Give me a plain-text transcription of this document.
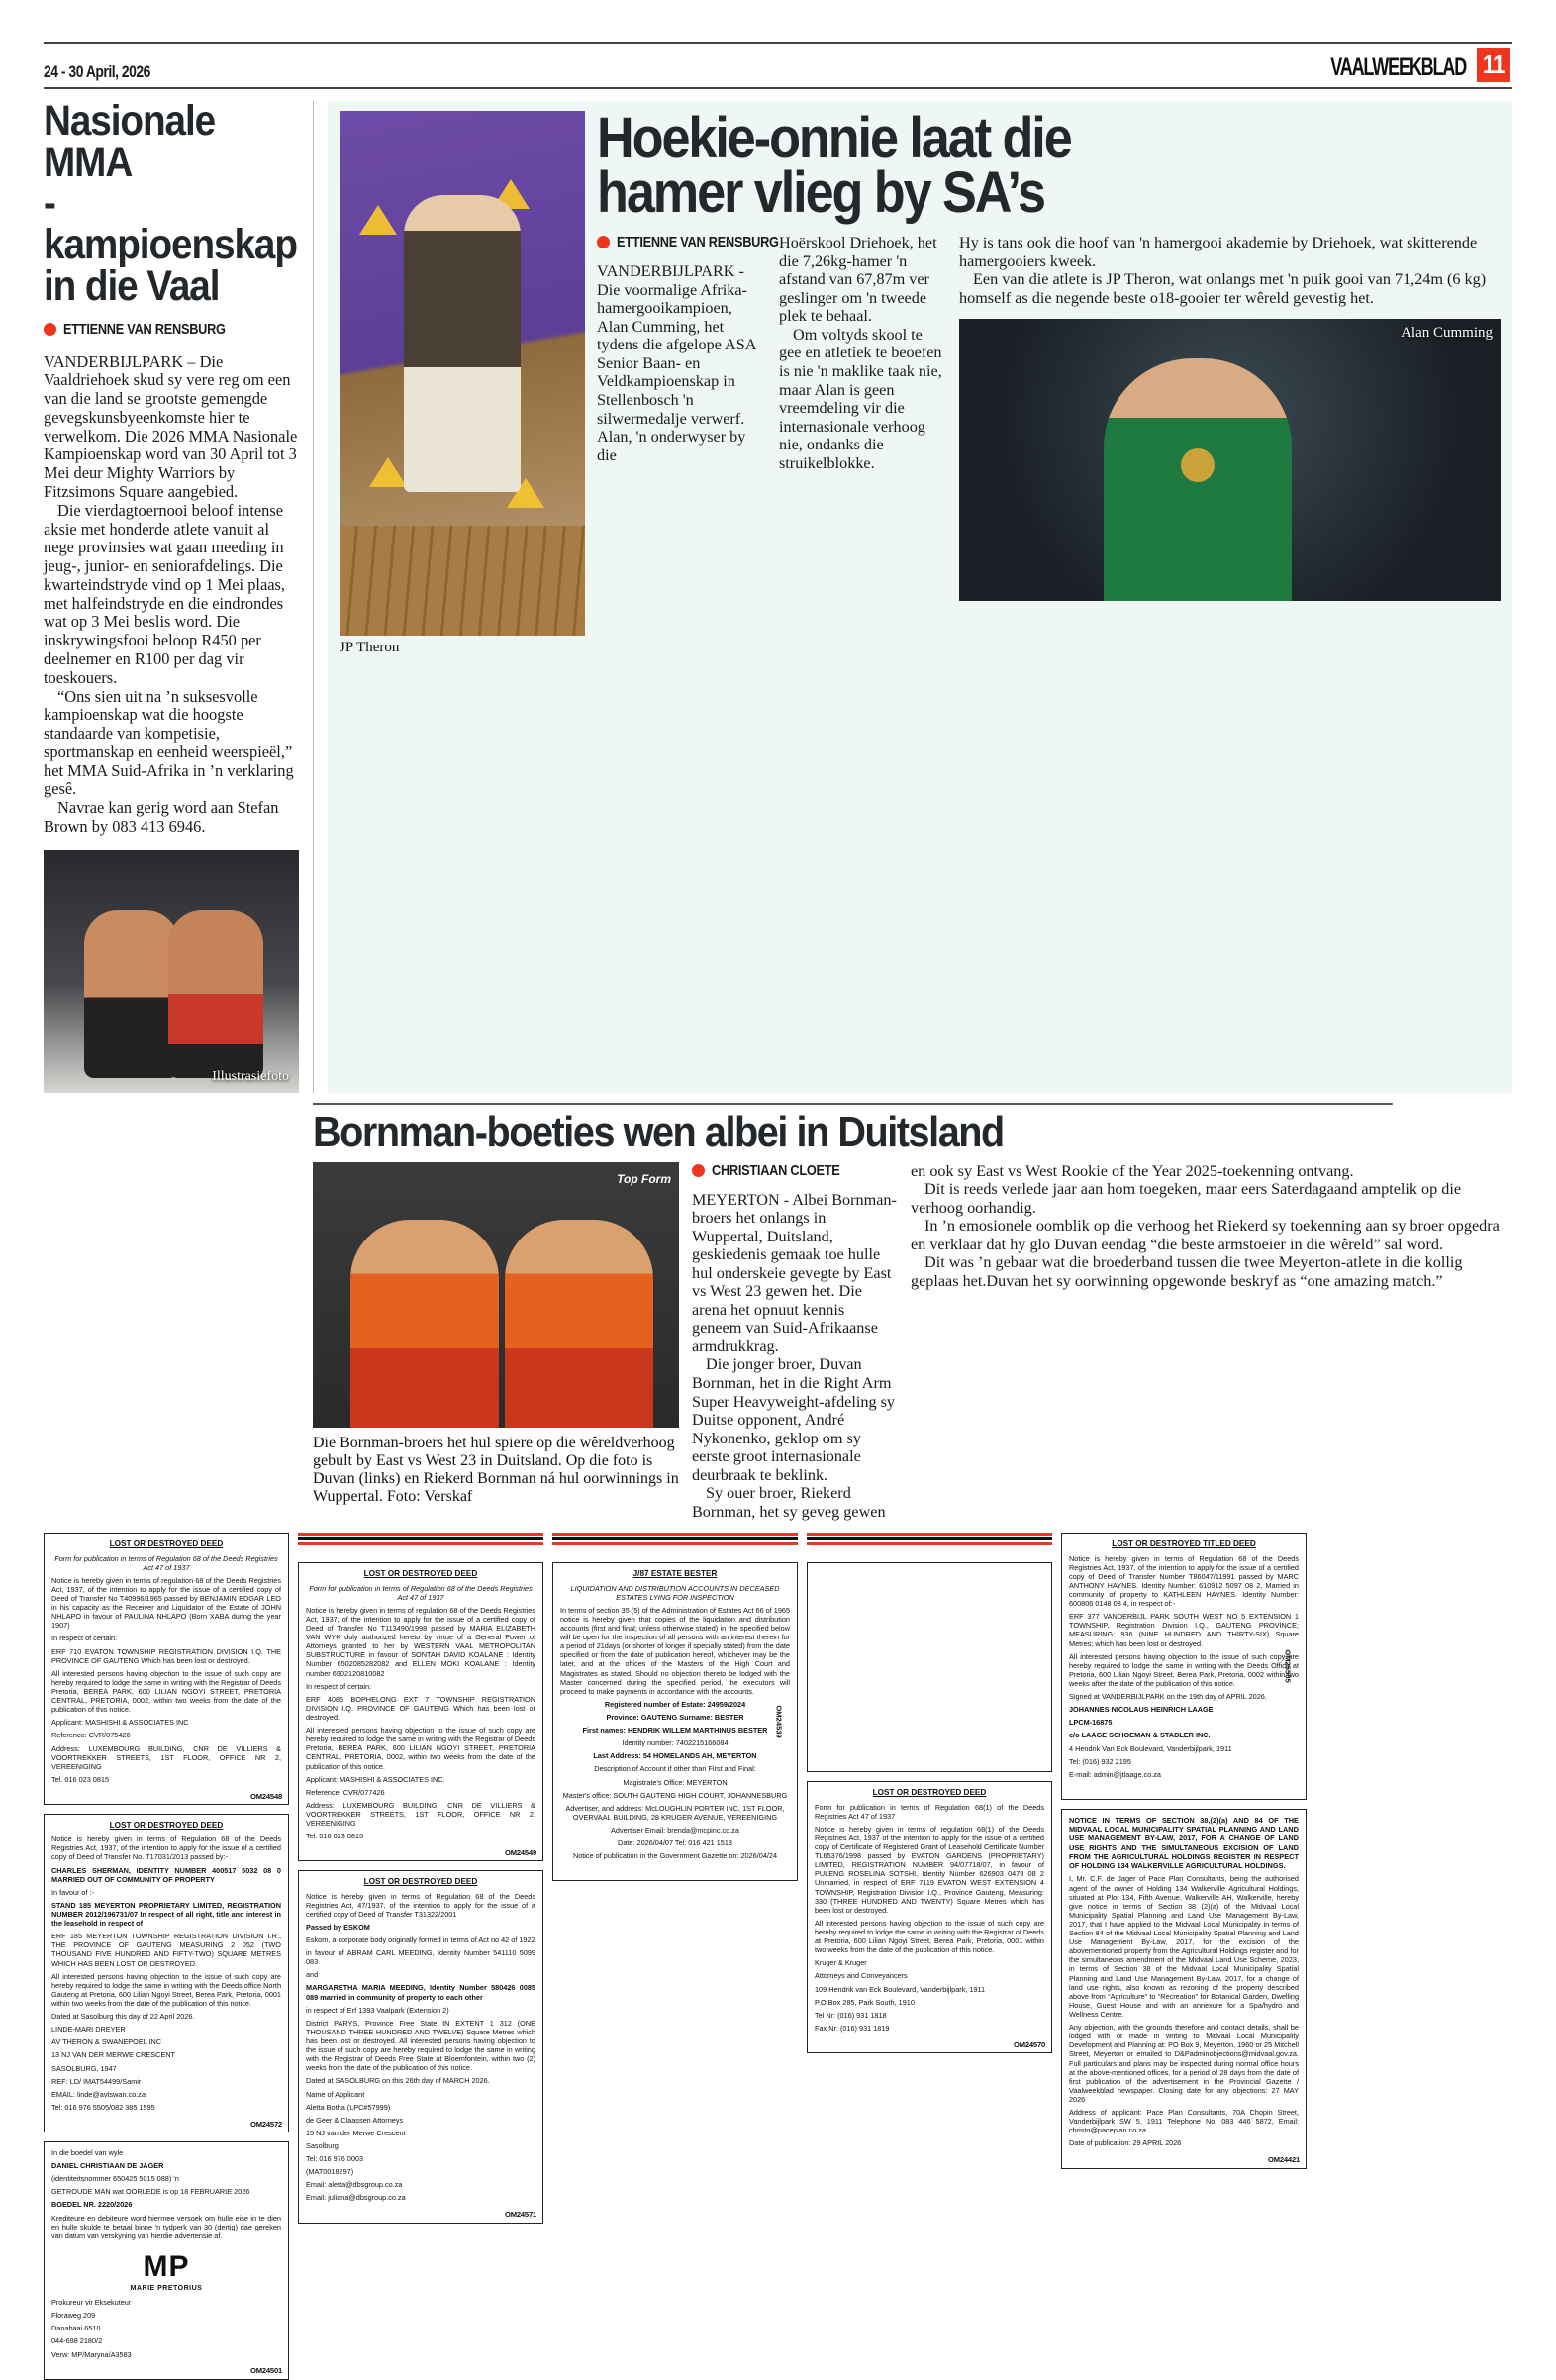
24 - 30 April, 2026	VAALWEEKBLAD 11
Nasionale MMA
-kampioenskap
in die Vaal
ETTIENNE VAN RENSBURG

VANDERBIJLPARK – Die Vaaldriehoek skud sy vere reg om een van die land se grootste gemengde gevegskunsbyeenkomste hier te verwelkom. Die 2026 MMA Nasionale Kampioenskap word van 30 April tot 3 Mei deur Mighty Warriors by Fitzsimons Square aangebied.

Die vierdagtoernooi beloof intense aksie met honderde atlete vanuit al nege provinsies wat gaan meeding in jeug-, junior- en seniorafdelings. Die kwarteindstryde vind op 1 Mei plaas, met halfeindstryde en die eindrondes wat op 3 Mei beslis word. Die inskrywingsfooi beloop R450 per deelnemer en R100 per dag vir toeskouers.

“Ons sien uit na ’n suksesvolle kampioenskap wat die hoogste standaarde van kompetisie, sportmanskap en eenheid weerspieël,” het MMA Suid-Afrika in ’n verklaring gesê.

Navrae kan gerig word aan Stefan Brown by 083 413 6946.

Illustrasiefoto
JP Theron
Hoekie-onnie laat die
hamer vlieg by SA’s
ETTIENNE VAN RENSBURG

VANDERBIJLPARK - Die voormalige Afrika-hamergooikampioen, Alan Cumming, het tydens die afgelope ASA Senior Baan- en Veldkampioenskap in Stellenbosch 'n silwermedalje verwerf. Alan, 'n onderwyser by die

Hoërskool Driehoek, het die 7,26kg-hamer 'n afstand van 67,87m ver geslinger om 'n tweede plek te behaal.

Om voltyds skool te gee en atletiek te beoefen is nie 'n maklike taak nie, maar Alan is geen vreemdeling vir die internasionale verhoog nie, ondanks die struikelblokke.

Hy is tans ook die hoof van 'n hamergooi akademie by Driehoek, wat skitterende hamergooiers kweek.

Een van die atlete is JP Theron, wat onlangs met 'n puik gooi van 71,24m (6 kg) homself as die negende beste o18-gooier ter wêreld gevestig het.

Alan Cumming
Bornman-boeties wen albei in Duitsland
Top Form
Die Bornman-broers het hul spiere op die wêreldverhoog gebult by East vs West 23 in Duitsland. Op die foto is Duvan (links) en Riekerd Bornman ná hul oorwinnings in Wuppertal. Foto: Verskaf
CHRISTIAAN CLOETE

MEYERTON - Albei Bornman-broers het onlangs in Wuppertal, Duitsland, geskiedenis gemaak toe hulle hul onderskeie gevegte by East vs West 23 gewen het. Die arena het opnuut kennis geneem van Suid-Afrikaanse armdrukkrag.

Die jonger broer, Duvan Bornman, het in die Right Arm Super Heavyweight-afdeling sy Duitse opponent, André Nykonenko, geklop om sy eerste groot internasionale deurbraak te beklink.

Sy ouer broer, Riekerd Bornman, het sy geveg gewen

en ook sy East vs West Rookie of the Year 2025-toekenning ontvang.

Dit is reeds verlede jaar aan hom toegeken, maar eers Saterdagaand amptelik op die verhoog oorhandig.

In ’n emosionele oomblik op die verhoog het Riekerd sy toekenning aan sy broer opgedra en verklaar dat hy glo Duvan eendag “die beste armstoeier in die wêreld” sal word.

Dit was ’n gebaar wat die broederband tussen die twee Meyerton-atlete in die kollig geplaas het.Duvan het sy oorwinning opgewonde beskryf as “one amazing match.”

LOST OR DESTROYED DEED
Form for publication in terms of Regulation 68 of the Deeds Registries Act 47 of 1937

Notice is hereby given in terms of regulation 68 of the Deeds Registries Act, 1937, of the intention to apply for the issue of a certified copy of Deed of Transfer No T40996/1965 passed by BENJAMIN EDGAR LEO in his capacity as the Receiver and Liquidator of the Estate of JOHN NHLAPO in favour of PAULINA NHLAPO (Born XABA during the year 1907)

In respect of certain:

ERF 710 EVATON TOWNSHIP REGISTRATION DIVISION I.Q. THE PROVINCE OF GAUTENG Which has been lost or destroyed.

All interested persons having objection to the issue of such copy are hereby required to lodge the same in writing with the Registrar of Deeds Pretoria, BEREA PARK, 600 LILIAN NGOYI STREET, PRETORIA CENTRAL, PRETORIA, 0002, within two weeks from the date of the publication of this notice.

Applicant: MASHISHI & ASSOCIATES INC

Reference: CVR/075426

Address: LUXEMBOURG BUILDING, CNR DE VILLIERS & VOORTREKKER STREETS, 1ST FLOOR, OFFICE NR 2, VEREENIGING

Tel. 016 023 0815

OM24548
LOST OR DESTROYED DEED

Notice is hereby given in terms of Regulation 68 of the Deeds Registries Act, 1937, of the intention to apply for the issue of a certified copy of Deed of Transfer No. T17031/2013 passed by:-

CHARLES SHERMAN, IDENTITY NUMBER 400517 5032 08 0 MARRIED OUT OF COMMUNITY OF PROPERTY

In favour of :-

STAND 185 MEYERTON PROPRIETARY LIMITED, REGISTRATION NUMBER 2012/196731/07 In respect of all right, title and interest in the leasehold in respect of

ERF 185 MEYERTON TOWNSHIP REGISTRATION DIVISION I.R., THE PROVINCE OF GAUTENG MEASURING 2 052 (TWO THOUSAND FIVE HUNDRED AND FIFTY-TWO) SQUARE METRES WHICH HAS BEEN LOST OR DESTROYED.

All interested persons having objection to the issue of such copy are hereby required to lodge the same in writing with the Deeds office North Gauteng at Pretoria, 600 Lilian Ngoyi Street, Berea Park, Pretoria, 0001 within two weeks from the date of the publication of this notice.

Dated at Sasolburg this day of 22 April 2026.

LINDE-MARI DREYER

AV THERON & SWANEPOEL INC

13 NJ VAN DER MERWE CRESCENT

SASOLBURG, 1947

REF: LD/ IMAT54499/Samir

EMAIL: linde@avtswan.co.za

Tel: 016 976 5505/082 385 1595

OM24572

In die boedel van wyle

DANIEL CHRISTIAAN DE JAGER

(identiteitsnommer 650425 5015 088) 'n

GETROUDE MAN wat OORLEDE is op 18 FEBRUARIE 2026

BOEDEL NR. 2220/2026

Krediteure en debiteure word hiermee versoek om hulle eise in te dien en hulle skulde te betaal binne 'n tydperk van 30 (dertig) dae gereken van datum van verskyning van hierdie advertensie af.

MP
MARIE PRETORIUS

Prokureur vir Eksekuteur

Floraweg 209

Danabaai 6510

044-698 2180/2

Verw: MP/Maryna/A3583

OM24501
LOST OR DESTROYED DEED
Form for publication in terms of Regulation 68 of the Deeds Registries Act 47 of 1937

Notice is hereby given in terms of regulation 68 of the Deeds Registries Act, 1937, of the intention to apply for the issue of a certified copy of Deed of Transfer No T113490/1998 passed by MARIA ELIZABETH VAN WYK duly authorized hereto by virtue of a General Power of Attorneys granted to her by WESTERN VAAL METROPOLITAN SUBSTRUCTURE in favour of SONTAH DAVID KOALANE : Identity Number 6502085282082 and ELLEN MOKI KOALANE : Identity number 6902120810082

In respect of certain:

ERF 4085 BOPHELONG EXT 7 TOWNSHIP REGISTRATION DIVISION I.Q. PROVINCE OF GAUTENG Which has been lost or destroyed.

All interested persons having objection to the issue of such copy are hereby required to lodge the same in writing with the Registrar of Deeds Pretoria, BEREA PARK, 600 LILIAN NGOYI STREET, PRETORIA CENTRAL, PRETORIA, 0002, within two weeks from the date of the publication of this notice.

Applicant: MASHISHI & ASSOCIATES INC.

Reference: CVR/077426

Address: LUXEMBOURG BUILDING, CNR DE VILLIERS & VOORTREKKER STREETS, 1ST FLOOR, OFFICE NR 2, VEREENIGING

Tel. 016 023 0815

OM24549
LOST OR DESTROYED DEED

Notice is hereby given in terms of Regulation 68 of the Deeds Registries Act, 47/1937, of the intention to apply for the issue of a certified copy of Deed of Transfer T31322/2001

Passed by ESKOM

Eskom, a corporate body originally formed in terms of Act no 42 of 1922

in favour of ABRAM CARL MEEDING, Identity Number 541110 5099 083

and

MARGARETHA MARIA MEEDING, Identity Number 580426 0085 089 married in community of property to each other

in respect of Erf 1393 Vaalpark (Extension 2)

District PARYS, Province Free State IN EXTENT 1 312 (ONE THOUSAND THREE HUNDRED AND TWELVE) Square Metres which has been lost or destroyed. All interested persons having objection to the issue of such copy are hereby required to lodge the same in writing with the Registrar of Deeds Free State at Bloemfontein, within two (2) weeks from the date of the publication of this notice.

Dated at SASOLBURG on this 26th day of MARCH 2026.

Name of Applicant

Aletta Botha (LPC#57999)

de Geer & Claassen Attorneys

15 NJ van der Merwe Crescent

Sasolburg

Tel: 016 976 0003

(MAT0018297)

Email: aletta@dbsgroup.co.za

Email: juliana@dbsgroup.co.za

OM24571
J/87 ESTATE BESTER
LIQUIDATION AND DISTRIBUTION ACCOUNTS IN DECEASED ESTATES LYING FOR INSPECTION

In terms of section 35 (5) of the Administration of Estates Act 66 of 1965 notice is hereby given that copies of the liquidation and distribution accounts (first and final; unless otherwise stated) in the specified below will be open for the inspection of all persons with an interest therein for a period of 21days (or shorter of longer if specially stated) from the date specified or from the date of publication hereof, whichever may be the later, and at the offices of the Masters of the High Court and Magistrates as stated. Should no objection thereto be lodged with the Master concerned during the specified period, the executors will proceed to make payments in accordance with the accounts.

Registered number of Estate: 24959/2024

Province: GAUTENG Surname: BESTER

First names: HENDRIK WILLEM MARTHINUS BESTER

Identity number: 7402215166084

Last Address: 54 HOMELANDS AH, MEYERTON

Description of Account if other than First and Final:

Magistrate's Office: MEYERTON

Master's office: SOUTH GAUTENG HIGH COURT, JOHANNESBURG

Advertiser, and address: McLOUGHLIN PORTER INC, 1ST FLOOR, OVERVAAL BUILDING, 28 KRUGER AVENUE, VEREENIGING

Advertiser Email: brenda@mcpinc.co.za

Date: 2026/04/07 Tel: 016 421 1513

Notice of publication in the Government Gazette on: 2026/04/24

OM24539
LOST OR DESTROYED DEED

Form for publication in terms of Regulation 68(1) of the Deeds Registries Act 47 of 1937

Notice is hereby given in terms of regulation 68(1) of the Deeds Registries Act, 1937 of the intention to apply for the issue of a certified copy of Certificate of Registered Grant of Leasehold Certificate Number TL65376/1998 passed by EVATON GARDENS (PROPRIETARY) LIMITED, REGISTRATION NUMBER 94/07718/07, in favour of PULENG ROSELINA SOTSHI, Identity Number 626903 0479 08 2 Unmarried, in respect of ERF 7119 EVATON WEST EXTENSION 4 TOWNSHIP, Registration Division I.Q., Province Gauteng, Measuring: 330 (THREE HUNDRED AND TWENTY) Square Metres which has been lost or destroyed.

All interested persons having objection to the issue of such copy are hereby required to lodge the same in writing with the Registrar of Deeds at Pretoria, 600 Lilian Ngoyi Street, Berea Park, Pretoria, 0001 within two weeks from the date of the publication of this notice.

Kruger & Kruger

Attorneys and Conveyancers

109 Hendrik van Eck Boulevard, Vanderbijlpark, 1911

P.O Box 285, Park South, 1910

Tel Nr: (016) 931 1818

Fax Nr: (016) 931 1819

OM24570
LOST OR DESTROYED TITLED DEED

Notice is hereby given in terms of Regulation 68 of the Deeds Registries Act, 1937, of the intention to apply for the issue of a certified copy of Deed of Transfer Number T86047/11991 passed by MARC ANTHONY HAYNES. Identity Number: 610912 5097 08 2, Married in community of property to KATHLEEN HAYNES. Identity Number: 600806 0148 08 4, in respect of:-

ERF 377 VANDERBIJL PARK SOUTH WEST NO 5 EXTENSION 1 TOWNSHIP, Registration Division I.Q., GAUTENG PROVINCE; MEASURING: 936 (NINE HUNDRED AND THIRTY-SIX) Square Metres; which has been lost or destroyed.

All interested persons having objection to the issue of such copy are hereby required to lodge the same in writing with the Deeds Office at Pretoria, 600 Lilian Ngoyi Street, Berea Park, Pretoria, 0002 within two weeks after the date of the publication of this notice.

Signed at VANDERBIJLPARK on the 19th day of APRIL 2026.

JOHANNES NICOLAUS HEINRICH LAAGE

LPCM-16875

c/o LAAGE SCHOEMAN & STADLER INC.

4 Hendrik Van Eck Boulevard, Vanderbijlpark, 1911

Tel: (016) 932 2195

E-mail: admin@jtlaage.co.za

OM25505
NOTICE IN TERMS OF SECTION 38,(2)(a) AND 84 OF THE MIDVAAL LOCAL MUNICIPALITY SPATIAL PLANNING AND LAND USE MANAGEMENT BY-LAW, 2017, FOR A CHANGE OF LAND USE RIGHTS AND THE SIMULTANEOUS EXCISION OF LAND FROM THE AGRICULTURAL HOLDINGS REGISTER IN RESPECT OF HOLDING 134 WALKERVILLE AGRICULTURAL HOLDINGS.

I, Mr. C.F. de Jager of Pace Plan Consultants, being the authorised agent of the owner of Holding 134 Walkerville Agricultural Holdings, situated at Plot 134, Fifth Avenue, Walkerville AH, Walkerville, hereby give notice in terms of Section 38 (2)(a) of the Midvaal Local Municipality Spatial Planning and Land Use Management By-Law, 2017, that I have applied to the Midvaal Local Municipality in terms of Section 84 of the Midvaal Local Municipality Spatial Planning and Land Use Management By-Law, 2017, for the excision of the abovementioned property from the Agricultural Holdings register and for the simultaneous amendment of the Midvaal Land Use Scheme, 2023, in terms of Section 38 of the Midvaal Local Municipality Spatial Planning and Land Use Management By-Law, 2017, for a change of land use rights, also known as rezoning of the property described above from “Agriculture” to “Recreation” for Botanical Garden, Dwelling House, Guest House and with an annexure for a Spa/hydro and Wellness Centre.

Any objection, with the grounds therefore and contact details, shall be lodged with or made in writing to Midvaal Local Municipality Development and Planning at: PO Box 9, Meyerton, 1960 or 25 Mitchell Street, Meyerton or emailed to D&Padminobjections@midvaal.gov.za. Full particulars and plans may be inspected during normal office hours at the above-mentioned offices, for a period of 28 days from the date of first publication of the advertisement in the Provincial Gazette / Vaalweekblad newspaper. Closing date for any objections: 27 MAY 2026

Address of applicant: Pace Plan Consultants, 70A Chopin Street, Vanderbijlpark SW 5, 1911 Telephone No: 083 446 5872, Email: christo@paceplan.co.za

Date of publication: 29 APRIL 2026

OM24421
